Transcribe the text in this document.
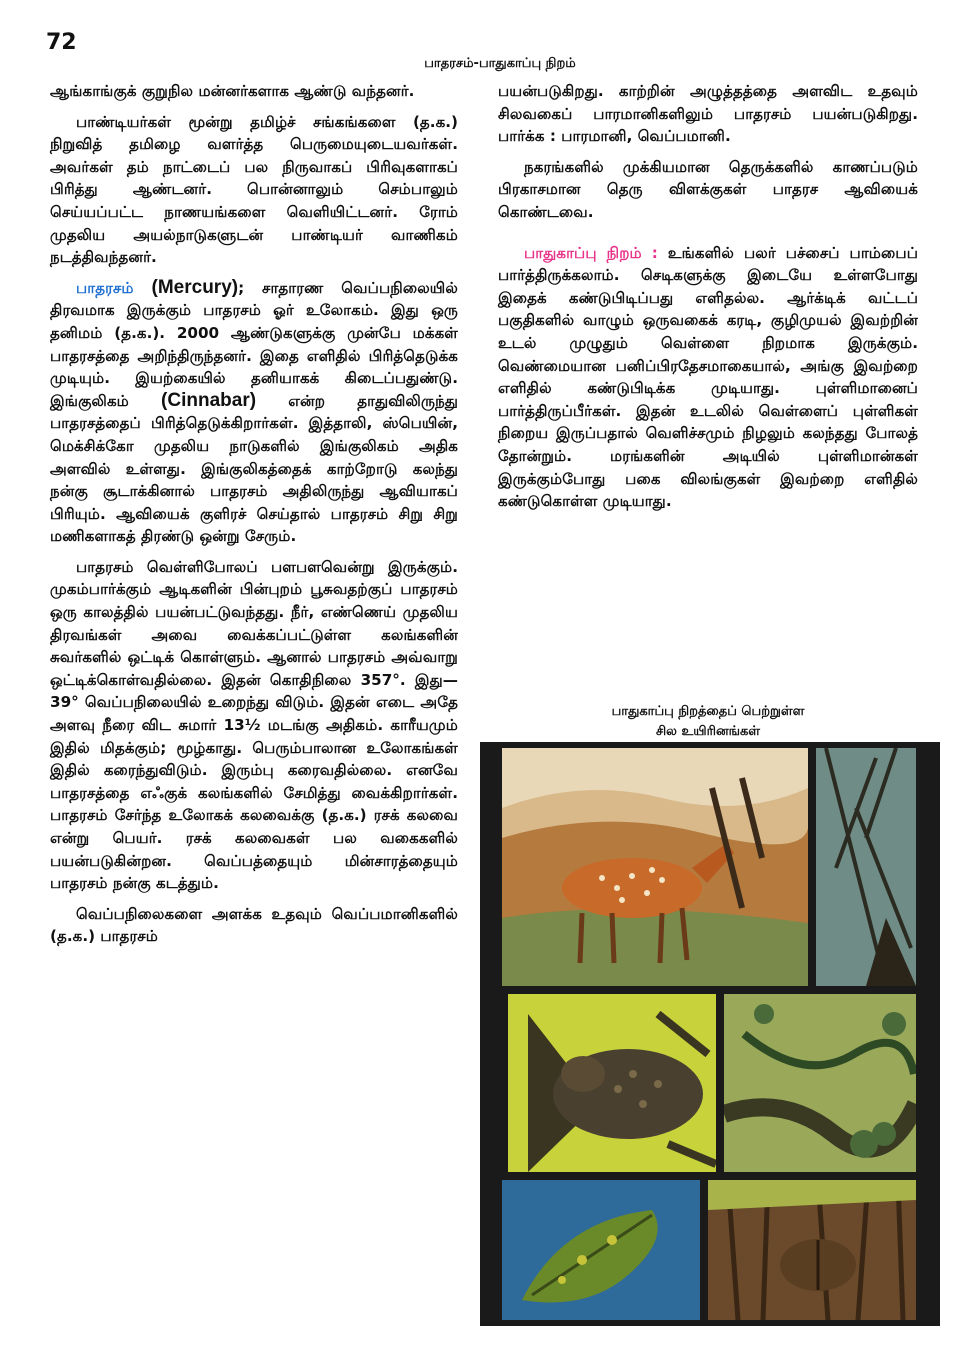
72
பாதரசம்-பாதுகாப்பு நிறம்

ஆங்காங்குக் குறுநில மன்னர்களாக ஆண்டு வந்தனர்.

பாண்டியர்கள் மூன்று தமிழ்ச் சங்கங்களை (த.க.) நிறுவித் தமிழை வளர்த்த பெருமையுடையவர்கள். அவர்கள் தம் நாட்டைப் பல நிருவாகப் பிரிவுகளாகப் பிரித்து ஆண்டனர். பொன்னாலும் செம்பாலும் செய்யப்பட்ட நாணயங்களை வெளியிட்டனர். ரோம் முதலிய அயல்நாடுகளுடன் பாண்டியர் வாணிகம் நடத்திவந்தனர்.

பாதரசம் (Mercury); சாதாரண வெப்பநிலையில் திரவமாக இருக்கும் பாதரசம் ஓர் உலோகம். இது ஒரு தனிமம் (த.க.). 2000 ஆண்டுகளுக்கு முன்பே மக்கள் பாதரசத்தை அறிந்திருந்தனர். இதை எளிதில் பிரித்தெடுக்க முடியும். இயற்கையில் தனியாகக் கிடைப்பதுண்டு. இங்குலிகம் (Cinnabar) என்ற தாதுவிலிருந்து பாதரசத்தைப் பிரித்தெடுக்கிறார்கள். இத்தாலி, ஸ்பெயின், மெக்சிக்கோ முதலிய நாடுகளில் இங்குலிகம் அதிக அளவில் உள்ளது. இங்குலிகத்தைக் காற்றோடு கலந்து நன்கு சூடாக்கினால் பாதரசம் அதிலிருந்து ஆவியாகப் பிரியும். ஆவியைக் குளிரச் செய்தால் பாதரசம் சிறு சிறு மணிகளாகத் திரண்டு ஒன்று சேரும்.

பாதரசம் வெள்ளிபோலப் பளபளவென்று இருக்கும். முகம்பார்க்கும் ஆடிகளின் பின்புறம் பூசுவதற்குப் பாதரசம் ஒரு காலத்தில் பயன்பட்டுவந்தது. நீர், எண்ணெய் முதலிய திரவங்கள் அவை வைக்கப்பட்டுள்ள கலங்களின் சுவர்களில் ஒட்டிக் கொள்ளும். ஆனால் பாதரசம் அவ்வாறு ஒட்டிக்கொள்வதில்லை. இதன் கொதிநிலை 357°. இது—39° வெப்பநிலையில் உறைந்து விடும். இதன் எடை அதே அளவு நீரை விட சுமார் 13½ மடங்கு அதிகம். காரீயமும் இதில் மிதக்கும்; மூழ்காது. பெரும்பாலான உலோகங்கள் இதில் கரைந்துவிடும். இரும்பு கரைவதில்லை. எனவே பாதரசத்தை எஃகுக் கலங்களில் சேமித்து வைக்கிறார்கள். பாதரசம் சேர்ந்த உலோகக் கலவைக்கு (த.க.) ரசக் கலவை என்று பெயர். ரசக் கலவைகள் பல வகைகளில் பயன்படுகின்றன. வெப்பத்தையும் மின்சாரத்தையும் பாதரசம் நன்கு கடத்தும்.

வெப்பநிலைகளை அளக்க உதவும் வெப்பமானிகளில் (த.க.) பாதரசம்

பயன்படுகிறது. காற்றின் அழுத்தத்தை அளவிட உதவும் சிலவகைப் பாரமானிகளிலும் பாதரசம் பயன்படுகிறது. பார்க்க : பாரமானி, வெப்பமானி.

நகரங்களில் முக்கியமான தெருக்களில் காணப்படும் பிரகாசமான தெரு விளக்குகள் பாதரச ஆவியைக் கொண்டவை.

பாதுகாப்பு நிறம் : உங்களில் பலர் பச்சைப் பாம்பைப் பார்த்திருக்கலாம். செடிகளுக்கு இடையே உள்ளபோது இதைக் கண்டுபிடிப்பது எளிதல்ல. ஆர்க்டிக் வட்டப் பகுதிகளில் வாழும் ஒருவகைக் கரடி, குழிமுயல் இவற்றின் உடல் முழுதும் வெள்ளை நிறமாக இருக்கும். வெண்மையான பனிப்பிரதேசமாகையால், அங்கு இவற்றை எளிதில் கண்டுபிடிக்க முடியாது. புள்ளிமானைப் பார்த்திருப்பீர்கள். இதன் உடலில் வெள்ளைப் புள்ளிகள் நிறைய இருப்பதால் வெளிச்சமும் நிழலும் கலந்தது போலத் தோன்றும். மரங்களின் அடியில் புள்ளிமான்கள் இருக்கும்போது பகை விலங்குகள் இவற்றை எளிதில் கண்டுகொள்ள முடியாது.

பாதுகாப்பு நிறத்தைப் பெற்றுள்ள
சில உயிரினங்கள்
